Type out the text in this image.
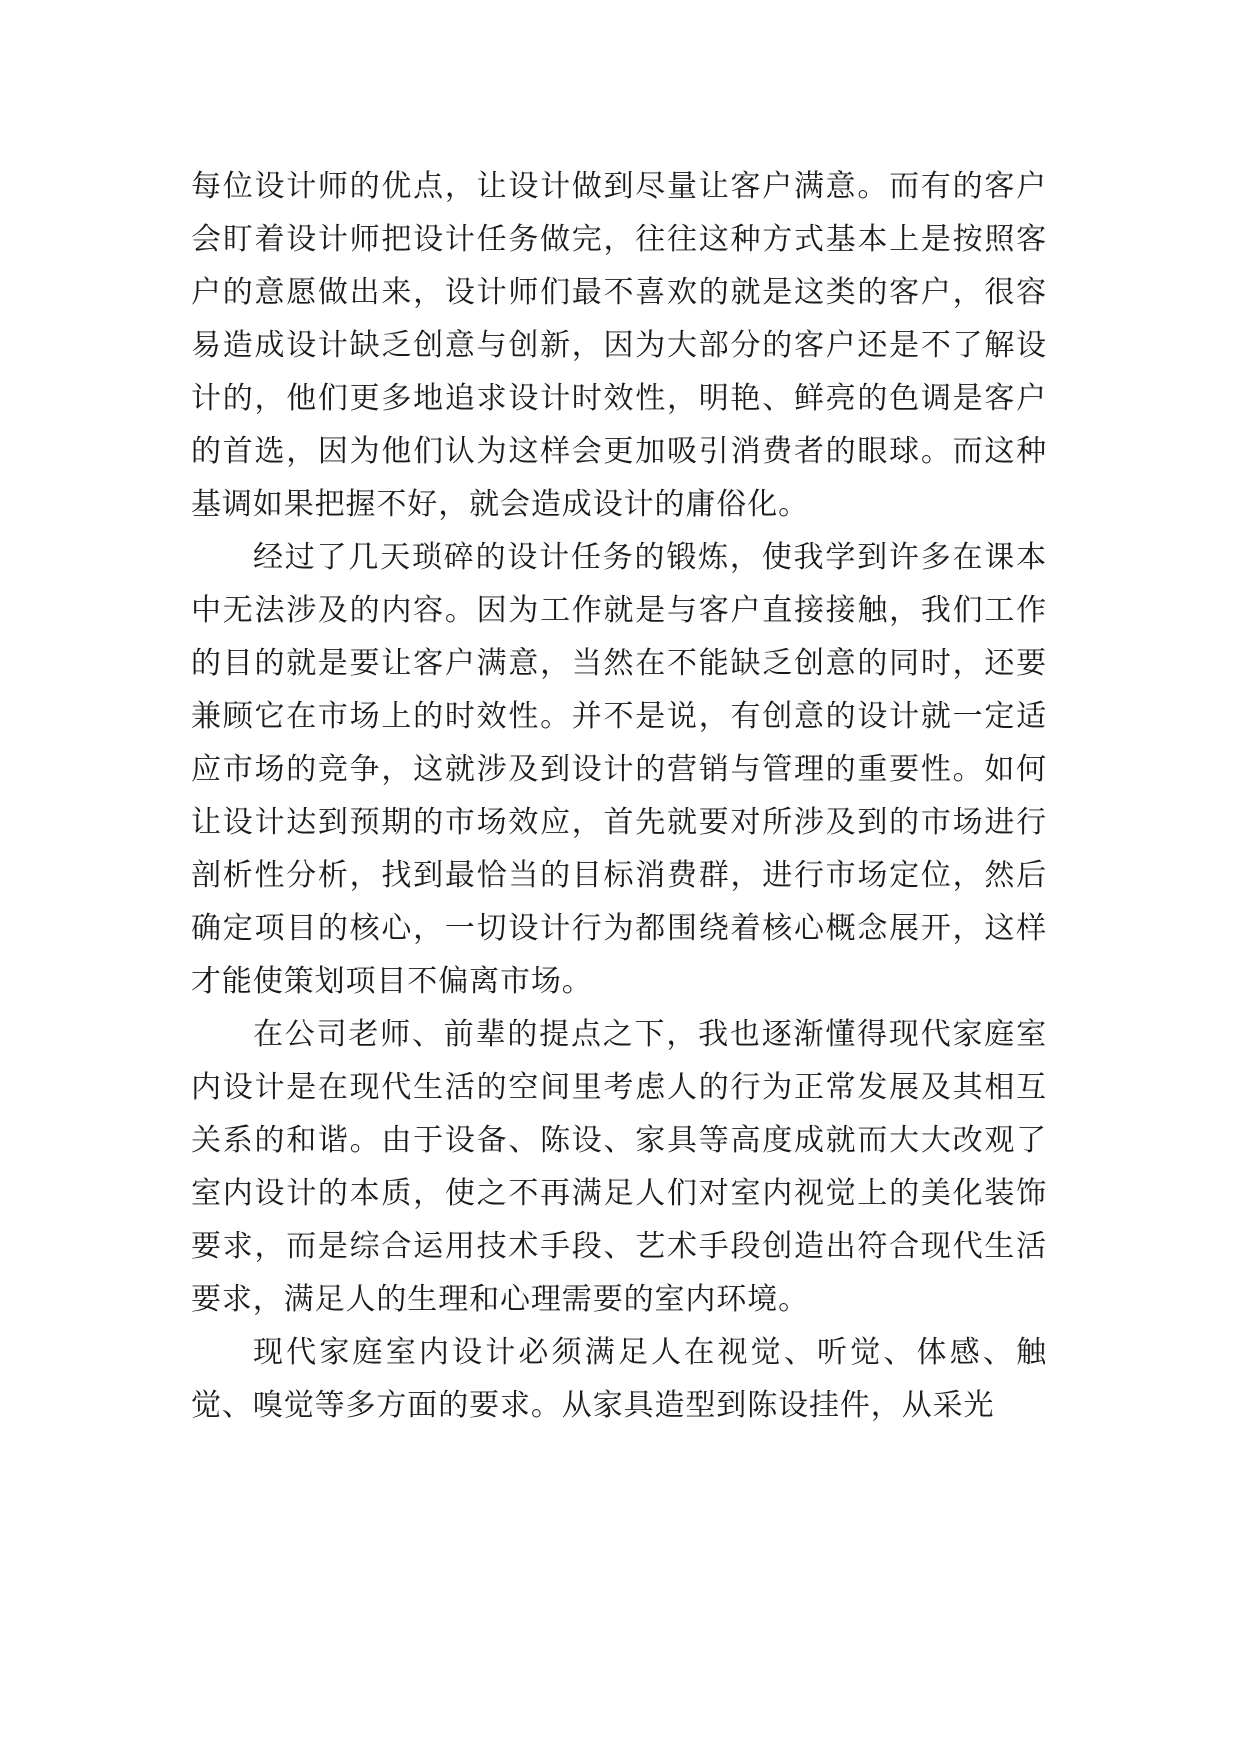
每位设计师的优点，让设计做到尽量让客户满意。而有的客户会盯着设计师把设计任务做完，往往这种方式基本上是按照客户的意愿做出来，设计师们最不喜欢的就是这类的客户，很容易造成设计缺乏创意与创新，因为大部分的客户还是不了解设计的，他们更多地追求设计时效性，明艳、鲜亮的色调是客户的首选，因为他们认为这样会更加吸引消费者的眼球。而这种基调如果把握不好，就会造成设计的庸俗化。

经过了几天琐碎的设计任务的锻炼，使我学到许多在课本中无法涉及的内容。因为工作就是与客户直接接触，我们工作的目的就是要让客户满意，当然在不能缺乏创意的同时，还要兼顾它在市场上的时效性。并不是说，有创意的设计就一定适应市场的竞争，这就涉及到设计的营销与管理的重要性。如何让设计达到预期的市场效应，首先就要对所涉及到的市场进行剖析性分析，找到最恰当的目标消费群，进行市场定位，然后确定项目的核心，一切设计行为都围绕着核心概念展开，这样才能使策划项目不偏离市场。

在公司老师、前辈的提点之下，我也逐渐懂得现代家庭室内设计是在现代生活的空间里考虑人的行为正常发展及其相互关系的和谐。由于设备、陈设、家具等高度成就而大大改观了室内设计的本质，使之不再满足人们对室内视觉上的美化装饰要求，而是综合运用技术手段、艺术手段创造出符合现代生活要求，满足人的生理和心理需要的室内环境。

现代家庭室内设计必须满足人在视觉、听觉、体感、触觉、嗅觉等多方面的要求。从家具造型到陈设挂件，从采光
